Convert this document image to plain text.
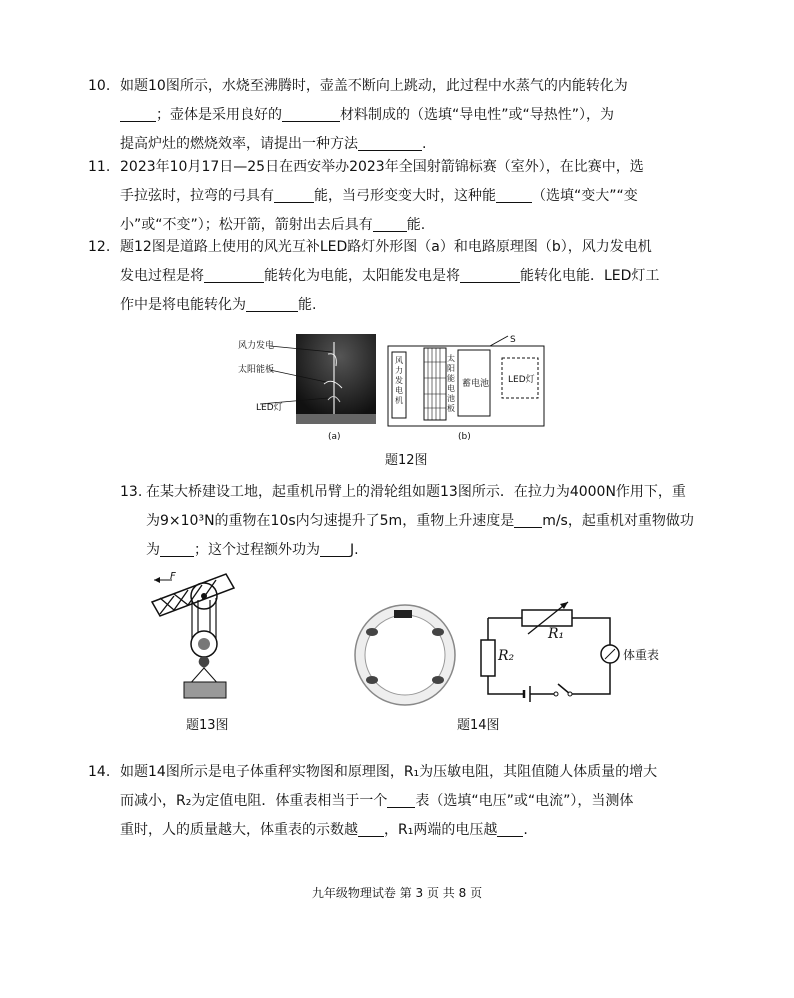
10. 如题10图所示，水烧至沸腾时，壶盖不断向上跳动，此过程中水蒸气的内能转化为
；壶体是采用良好的	材料制成的（选填“导电性”或“导热性”），为
提高炉灶的燃烧效率，请提出一种方法	.
11. 2023年10月17日—25日在西安举办2023年全国射箭锦标赛（室外），在比赛中，选
手拉弦时，拉弯的弓具有	能，当弓形变变大时，这种能	（选填“变大”“变
小”或“不变”）；松开箭，箭射出去后具有 能.
12. 题12图是道路上使用的风光互补LED路灯外形图（a）和电路原理图（b），风力发电机
发电过程是将	能转化为电能，太阳能发电是将	能转化电能．LED灯工
作中是将电能转化为	能.
风力发电
太阳能板
LED灯
(a)
风力发电机
太阳能电池板
蓄电池 LED灯
S
(b)
题12图
13. 在某大桥建设工地，起重机吊臂上的滑轮组如题13图所示．在拉力为4000N作用下，重
为9×10³N的重物在10s内匀速提升了5m，重物上升速度是 m/s，起重机对重物做功
为 ；这个过程额外功为 J.
F
题13图
R₁
R₂	体重表
题14图
14. 如题14图所示是电子体重秤实物图和原理图，R₁为压敏电阻，其阻值随人体质量的增大
而减小，R₂为定值电阻．体重表相当于一个 表（选填“电压”或“电流”），当测体
重时，人的质量越大，体重表的示数越 ，R₁两端的电压越 .
九年级物理试卷 第 3 页 共 8 页
